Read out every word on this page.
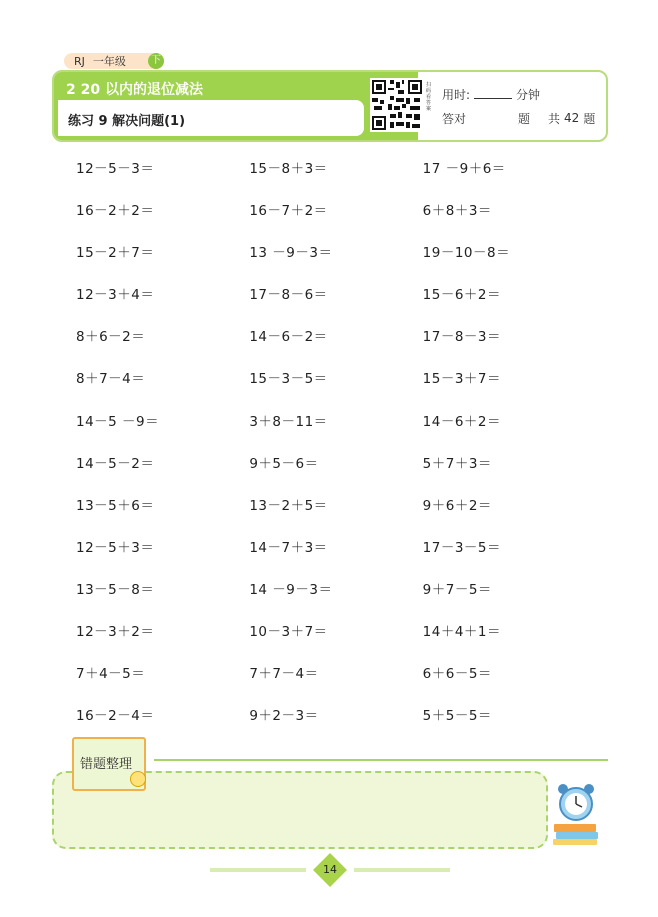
RJ 一年级	下
2 20 以内的退位减法
练习 9 解决问题(1)
扫码看答案
用时:	分钟
答对	题 共 42 题
12－5－3＝	15－8＋3＝	17 －9＋6＝
16－2＋2＝	16－7＋2＝	6＋8＋3＝
15－2＋7＝	13 －9－3＝	19－10－8＝
12－3＋4＝	17－8－6＝	15－6＋2＝
8＋6－2＝	14－6－2＝	17－8－3＝
8＋7－4＝	15－3－5＝	15－3＋7＝
14－5 －9＝	3＋8－11＝	14－6＋2＝
14－5－2＝	9＋5－6＝	5＋7＋3＝
13－5＋6＝	13－2＋5＝	9＋6＋2＝
12－5＋3＝	14－7＋3＝	17－3－5＝
13－5－8＝	14 －9－3＝	9＋7－5＝
12－3＋2＝	10－3＋7＝	14＋4＋1＝
7＋4－5＝	7＋7－4＝	6＋6－5＝
16－2－4＝	9＋2－3＝	5＋5－5＝
错题整理
14
